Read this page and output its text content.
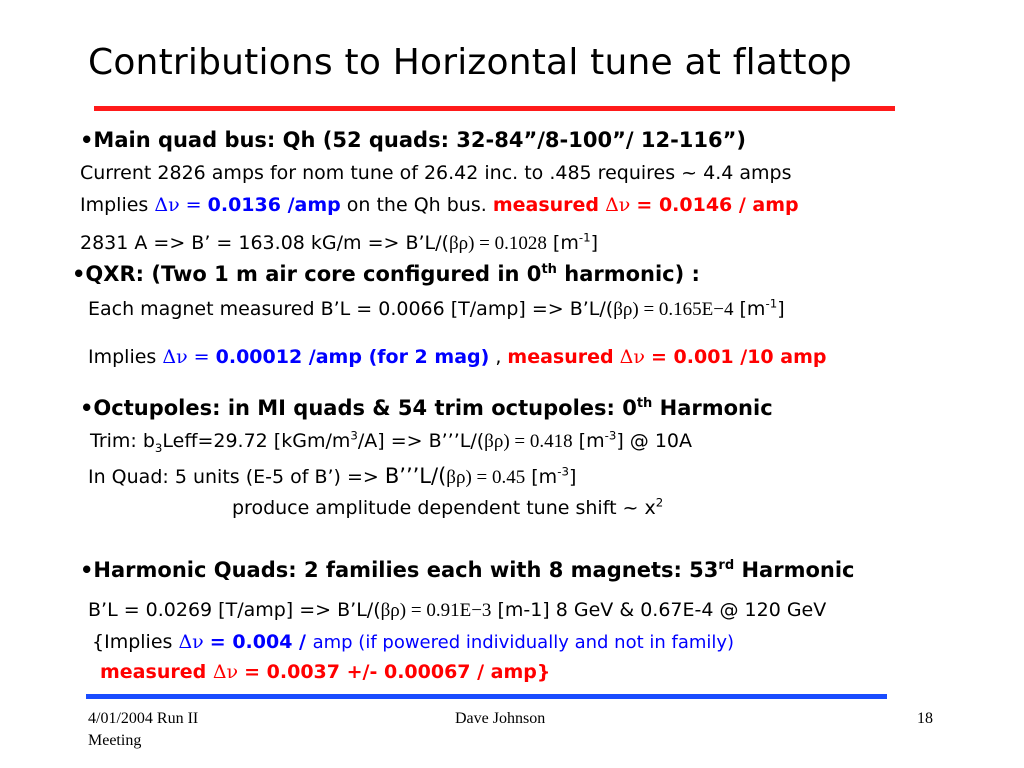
Contributions to Horizontal tune at flattop
•Main quad bus: Qh (52 quads: 32-84”/8-100”/ 12-116”)
Current 2826 amps for nom tune of 26.42 inc. to .485 requires ~ 4.4 amps
Implies Δν = 0.0136 /amp on the Qh bus. measured Δν = 0.0146 / amp
2831 A => B’ = 163.08 kG/m => B’L/(βρ) = 0.1028 $[m^{-1}]$
•QXR: (Two 1 m air core configured in 0th harmonic) :
Each magnet measured B’L = 0.0066 [T/amp] => B’L/(βρ) = 0.165E−4 $[m^{-1}]$
Implies Δν = 0.00012 /amp (for 2 mag) , measured Δν = 0.001 /10 amp
•Octupoles: in MI quads & 54 trim octupoles: 0th Harmonic
Trim: $b_3Leff=29.72$ $[kGm/m^3/A]$ => B’’’L/(βρ) = 0.418 $[m^{-3}]$ @ 10A
In Quad: 5 units (E-5 of B’) => B’’’L/(βρ) = 0.45 $[m^{-3}]$
produce amplitude dependent tune shift ~ $x^2$
•Harmonic Quads: 2 families each with 8 magnets: 53rd Harmonic
B’L = 0.0269 [T/amp] => B’L/(βρ) = 0.91E−3 [m-1] 8 GeV & 0.67E-4 @ 120 GeV
{Implies Δν = 0.004 / amp (if powered individually and not in family)
measured Δν = 0.0037 +/- 0.00067 / amp}
4/01/2004 Run II
Meeting
Dave Johnson	18
